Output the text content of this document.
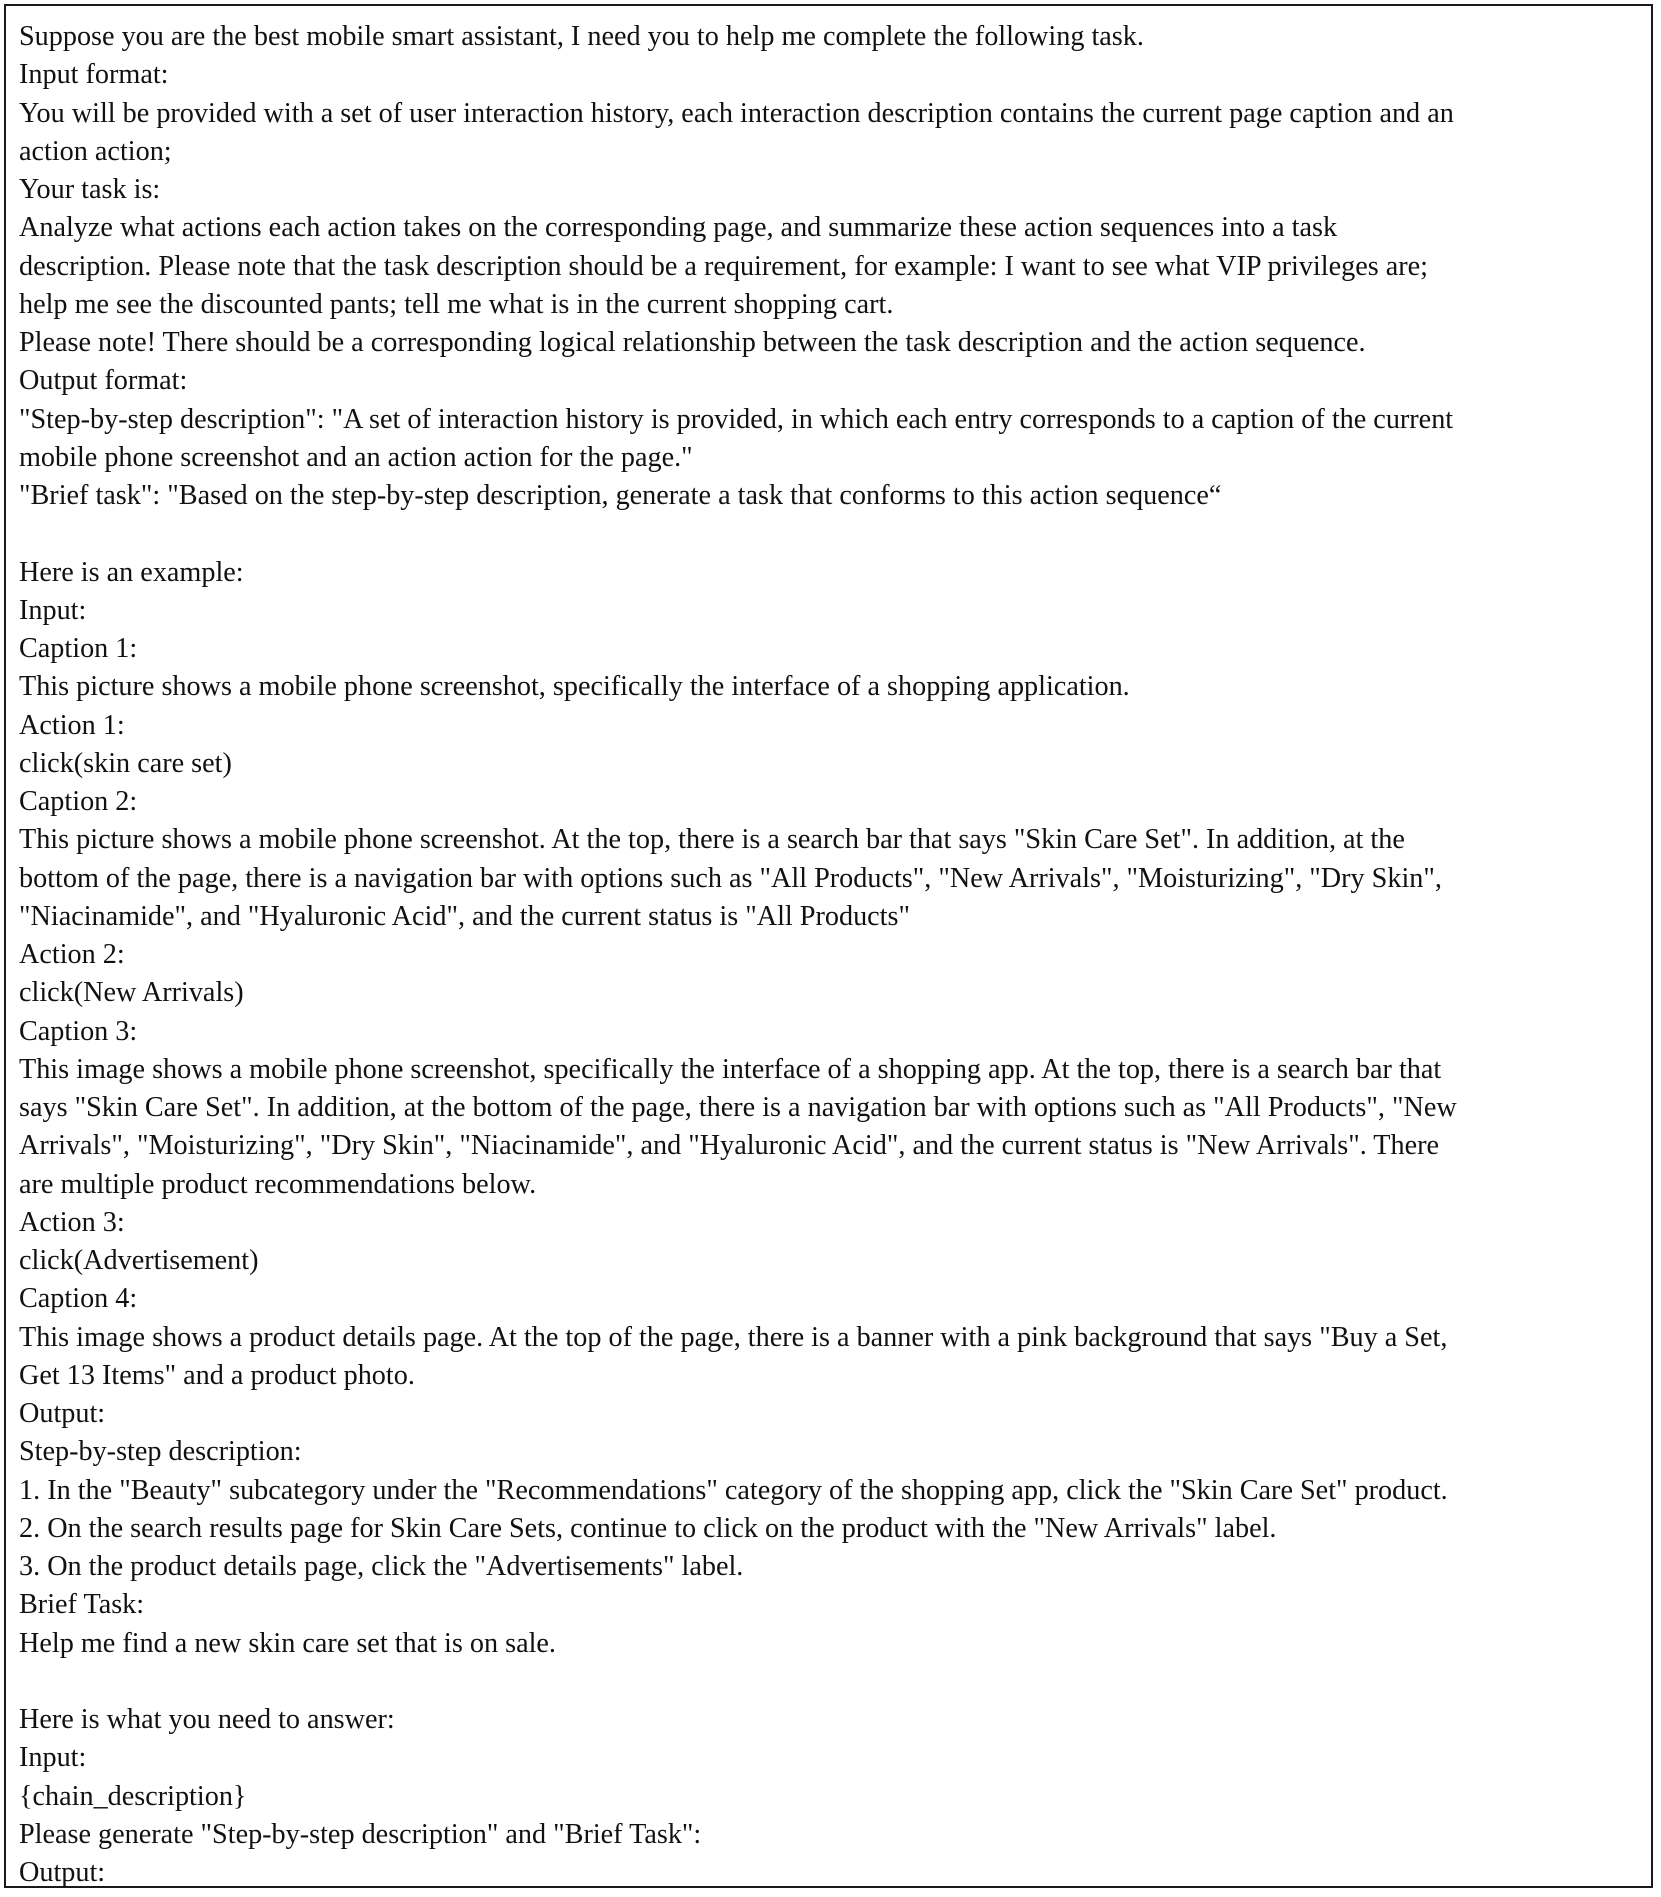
Suppose you are the best mobile smart assistant, I need you to help me complete the following task.
Input format:
You will be provided with a set of user interaction history, each interaction description contains the current page caption and an
action action;
Your task is:
Analyze what actions each action takes on the corresponding page, and summarize these action sequences into a task
description. Please note that the task description should be a requirement, for example: I want to see what VIP privileges are;
help me see the discounted pants; tell me what is in the current shopping cart.
Please note! There should be a corresponding logical relationship between the task description and the action sequence.
Output format:
"Step-by-step description": "A set of interaction history is provided, in which each entry corresponds to a caption of the current
mobile phone screenshot and an action action for the page."
"Brief task": "Based on the step-by-step description, generate a task that conforms to this action sequence“
Here is an example:
Input:
Caption 1:
This picture shows a mobile phone screenshot, specifically the interface of a shopping application.
Action 1:
click(skin care set)
Caption 2:
This picture shows a mobile phone screenshot. At the top, there is a search bar that says "Skin Care Set". In addition, at the
bottom of the page, there is a navigation bar with options such as "All Products", "New Arrivals", "Moisturizing", "Dry Skin",
"Niacinamide", and "Hyaluronic Acid", and the current status is "All Products"
Action 2:
click(New Arrivals)
Caption 3:
This image shows a mobile phone screenshot, specifically the interface of a shopping app. At the top, there is a search bar that
says "Skin Care Set". In addition, at the bottom of the page, there is a navigation bar with options such as "All Products", "New
Arrivals", "Moisturizing", "Dry Skin", "Niacinamide", and "Hyaluronic Acid", and the current status is "New Arrivals". There
are multiple product recommendations below.
Action 3:
click(Advertisement)
Caption 4:
This image shows a product details page. At the top of the page, there is a banner with a pink background that says "Buy a Set,
Get 13 Items" and a product photo.
Output:
Step-by-step description:
1. In the "Beauty" subcategory under the "Recommendations" category of the shopping app, click the "Skin Care Set" product.
2. On the search results page for Skin Care Sets, continue to click on the product with the "New Arrivals" label.
3. On the product details page, click the "Advertisements" label.
Brief Task:
Help me find a new skin care set that is on sale.
Here is what you need to answer:
Input:
{chain_description}
Please generate "Step-by-step description" and "Brief Task":
Output:
